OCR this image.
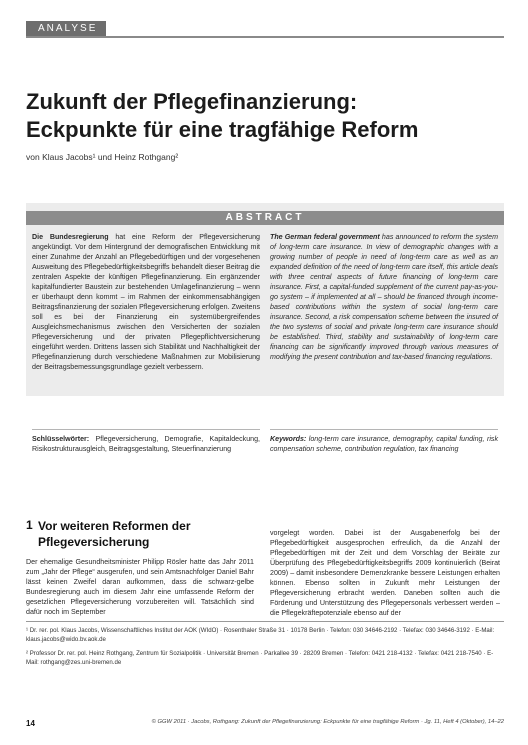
ANALYSE
Zukunft der Pflegefinanzierung:
Eckpunkte für eine tragfähige Reform
von Klaus Jacobs¹ und Heinz Rothgang²
ABSTRACT

Die Bundesregierung hat eine Reform der Pflegeversicherung angekündigt. Vor dem Hintergrund der demografischen Entwicklung mit einer Zunahme der Anzahl an Pflegebedürftigen und der vorgesehenen Ausweitung des Pflegebedürftigkeitsbegriffs behandelt dieser Beitrag die zentralen Aspekte der künftigen Pflegefinanzierung. Ein ergänzender kapitalfundierter Baustein zur bestehenden Umlagefinanzierung – wenn er überhaupt denn kommt – im Rahmen der einkommensabhängigen Beitragsfinanzierung der sozialen Pflegeversicherung erfolgen. Zweitens soll es bei der Finanzierung ein systemübergreifendes Ausgleichsmechanismus zwischen den Versicherten der sozialen Pflegeversicherung und der privaten Pflegepflichtversicherung eingeführt werden. Drittens lassen sich Stabilität und Nachhaltigkeit der Pflegefinanzierung durch verschiedene Maßnahmen zur Mobilisierung der Beitragsbemessungsgrundlage gezielt verbessern.

The German federal government has announced to reform the system of long-term care insurance. In view of demographic changes with a growing number of people in need of long-term care as well as an expanded definition of the need of long-term care itself, this article deals with three central aspects of future financing of long-term care insurance. First, a capital-funded supplement of the current pay-as-you-go system – if implemented at all – should be financed through income-based contributions within the system of social long-term care insurance. Second, a risk compensation scheme between the insured of the two systems of social and private long-term care insurance should be established. Third, stability and sustainability of long-term care financing can be significantly improved through various measures of modifying the present contribution and tax-based financing regulations.

Schlüsselwörter: Pflegeversicherung, Demografie, Kapitaldeckung, Risikostrukturausgleich, Beitragsgestaltung, Steuerfinanzierung

Keywords: long-term care insurance, demography, capital funding, risk compensation scheme, contribution regulation, tax financing

1 Vor weiteren Reformen der Pflegeversicherung

Der ehemalige Gesundheitsminister Philipp Rösler hatte das Jahr 2011 zum „Jahr der Pflege“ ausgerufen, und sein Amtsnachfolger Daniel Bahr lässt keinen Zweifel daran aufkommen, dass die schwarz-gelbe Bundesregierung auch im diesem Jahr eine umfassende Reform der gesetzlichen Pflegeversicherung vorzubereiten will. Tatsächlich sind dafür noch im September

vorgelegt worden. Dabei ist der Ausgabenerfolg bei der Pflegebedürftigkeit ausgesprochen erfreulich, da die Anzahl der Pflegebedürftigen mit der Zeit und dem Vorschlag der Beiräte zur Überprüfung des Pflegebedürftigkeitsbegriffs 2009 kontinuierlich (Beirat 2009) – damit insbesondere Demenzkranke bessere Leistungen erhalten können. Ebenso sollten in Zukunft mehr Leistungen der Pflegeversicherung erbracht werden. Daneben sollten auch die Förderung und Unterstützung des Pflegepersonals verbessert werden – die Pflegekräftepotenziale ebenso auf der

¹ Dr. rer. pol. Klaus Jacobs, Wissenschaftliches Institut der AOK (WIdO) · Rosenthaler Straße 31 · 10178 Berlin · Telefon: 030 34646-2192 · Telefax: 030 34646-3192 · E-Mail: klaus.jacobs@wido.bv.aok.de

² Professor Dr. rer. pol. Heinz Rothgang, Zentrum für Sozialpolitik · Universität Bremen · Parkallee 39 · 28209 Bremen · Telefon: 0421 218-4132 · Telefax: 0421 218-7540 · E-Mail: rothgang@zes.uni-bremen.de

14	© GGW 2011 · Jacobs, Rothgang: Zukunft der Pflegefinanzierung: Eckpunkte für eine tragfähige Reform · Jg. 11, Heft 4 (Oktober), 14–22
